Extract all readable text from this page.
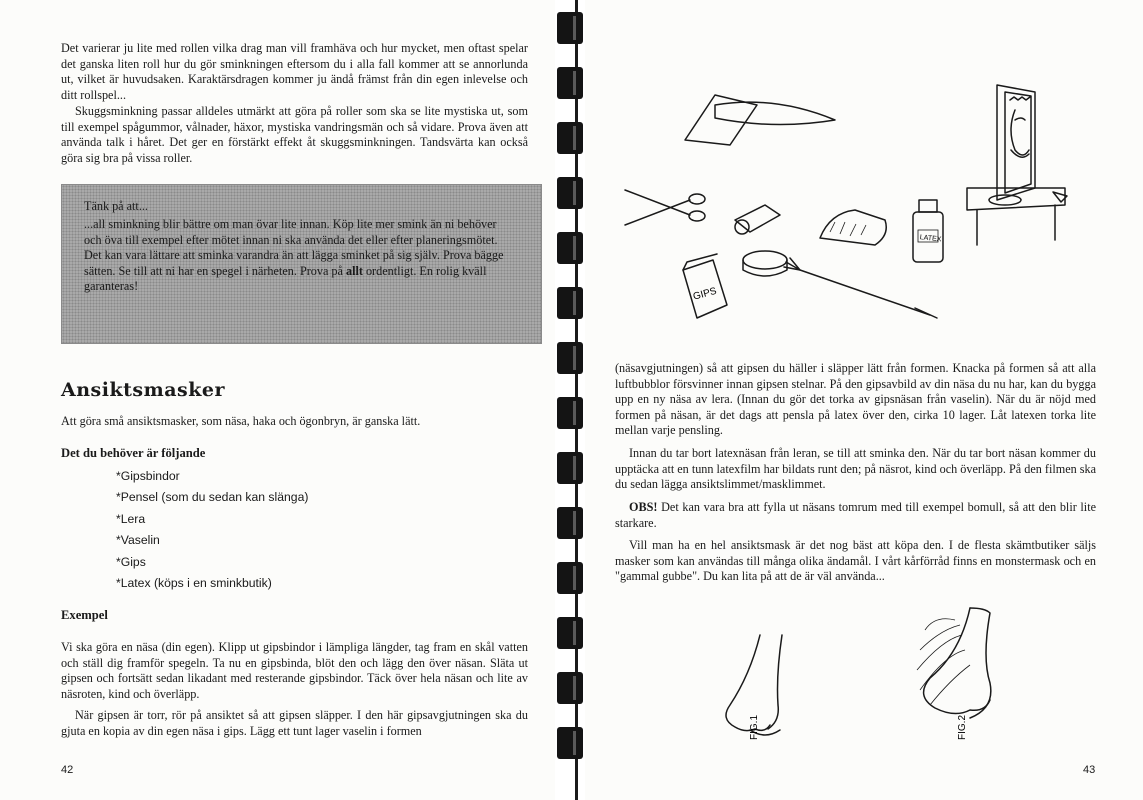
Det varierar ju lite med rollen vilka drag man vill framhäva och hur mycket, men oftast spelar det ganska liten roll hur du gör sminkningen eftersom du i alla fall kommer att se annorlunda ut, vilket är huvudsaken. Karaktärsdragen kommer ju ändå främst från din egen inlevelse och ditt rollspel...

Skuggsminkning passar alldeles utmärkt att göra på roller som ska se lite mystiska ut, som till exempel spågummor, vålnader, häxor, mystiska vandringsmän och så vidare. Prova även att använda talk i håret. Det ger en förstärkt effekt åt skuggsminkningen. Tandsvärta kan också göra sig bra på vissa roller.

Tänk på att...

...all sminkning blir bättre om man övar lite innan. Köp lite mer smink än ni behöver och öva till exempel efter mötet innan ni ska använda det eller efter planeringsmötet. Det kan vara lättare att sminka varandra än att lägga sminket på sig själv. Prova bägge sätten. Se till att ni har en spegel i närheten. Prova på allt ordentligt. En rolig kväll garanteras!

Ansiktsmasker

Att göra små ansiktsmasker, som näsa, haka och ögonbryn, är ganska lätt.

Det du behöver är följande

*Gipsbindor
*Pensel (som du sedan kan slänga)
*Lera
*Vaselin
*Gips
*Latex (köps i en sminkbutik)

Exempel

Vi ska göra en näsa (din egen). Klipp ut gipsbindor i lämpliga längder, tag fram en skål vatten och ställ dig framför spegeln. Ta nu en gipsbinda, blöt den och lägg den över näsan. Släta ut gipsen och fortsätt sedan likadant med resterande gipsbindor. Täck över hela näsan och lite av näsroten, kind och överläpp.

När gipsen är torr, rör på ansiktet så att gipsen släpper. I den här gipsavgjutningen ska du gjuta en kopia av din egen näsa i gips. Lägg ett tunt lager vaselin i formen

42
LATEX
GIPS

(näsavgjutningen) så att gipsen du häller i släpper lätt från formen. Knacka på formen så att alla luftbubblor försvinner innan gipsen stelnar. På den gipsavbild av din näsa du nu har, kan du bygga upp en ny näsa av lera. (Innan du gör det torka av gipsnäsan från vaselin). När du är nöjd med formen på näsan, är det dags att pensla på latex över den, cirka 10 lager. Låt latexen torka lite mellan varje pensling.

Innan du tar bort latexnäsan från leran, se till att sminka den. När du tar bort näsan kommer du upptäcka att en tunn latexfilm har bildats runt den; på näsrot, kind och överläpp. På den filmen ska du sedan lägga ansiktslimmet/masklimmet.

OBS! Det kan vara bra att fylla ut näsans tomrum med till exempel bomull, så att den blir lite starkare.

Vill man ha en hel ansiktsmask är det nog bäst att köpa den. I de flesta skämtbutiker säljs masker som kan användas till många olika ändamål. I vårt kårförråd finns en monstermask och en "gammal gubbe". Du kan lita på att de är väl använda...

FIG.1	FIG.2
43
